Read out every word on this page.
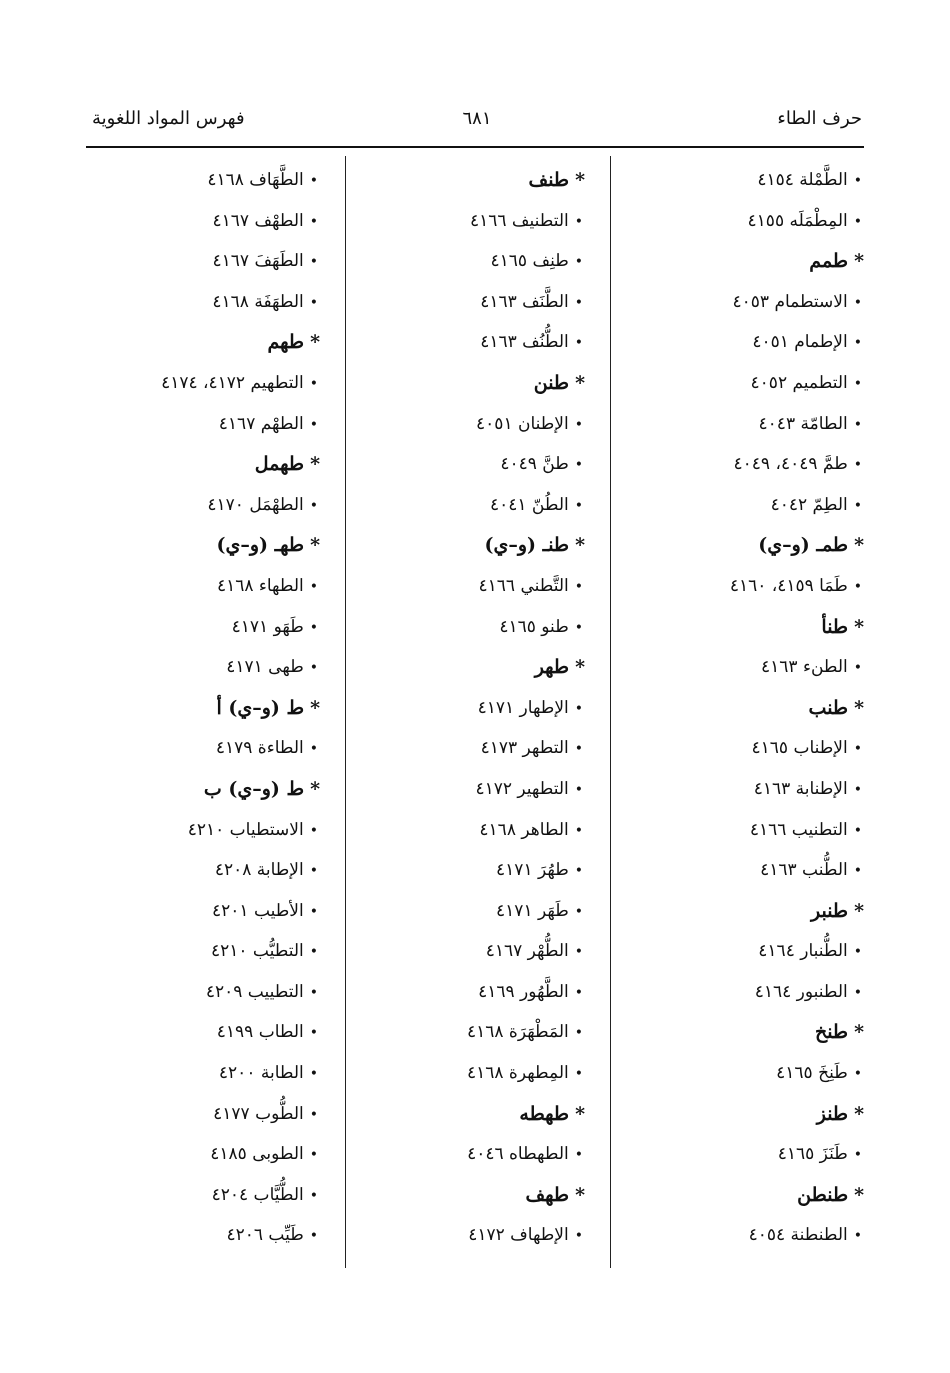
حرف الطاء
٦٨١
فهرس المواد اللغوية
•الطَّمْلة ٤١٥٤
•المِطْمَلَه ٤١٥٥
*طمم
•الاستطمام ٤٠٥٣
•الإطمام ٤٠٥١
•التطميم ٤٠٥٢
•الطامّة ٤٠٤٣
•طمَّ ٤٠٤٩، ٤٠٤٩
•الطِمّ ٤٠٤٢
*طمـ (و–ي)
•طَمَا ٤١٥٩، ٤١٦٠
*طنأ
•الطنء ٤١٦٣
*طنب
•الإطناب ٤١٦٥
•الإطنابة ٤١٦٣
•التطنيب ٤١٦٦
•الطُّنب ٤١٦٣
*طنبر
•الطُّنبار ٤١٦٤
•الطنبور ٤١٦٤
*طنخ
•طَنِخَ ٤١٦٥
*طنز
•طَنَزَ ٤١٦٥
*طنطن
•الطنطنة ٤٠٥٤
*طنف
•التطنيف ٤١٦٦
•طنِف ٤١٦٥
•الطَّنَف ٤١٦٣
•الطُّنُف ٤١٦٣
*طنن
•الإطنان ٤٠٥١
•طنَّ ٤٠٤٩
•الطُنّ ٤٠٤١
*طنـ (و–ي)
•التَّطني ٤١٦٦
•طنو ٤١٦٥
*طهر
•الإطهار ٤١٧١
•التطهر ٤١٧٣
•التطهير ٤١٧٢
•الطاهر ٤١٦٨
•طهُرَ ٤١٧١
•طَهَر ٤١٧١
•الطُّهْر ٤١٦٧
•الطَّهُور ٤١٦٩
•المَطْهَرَة ٤١٦٨
•المِطهرة ٤١٦٨
*طهطه
•الطهطاه ٤٠٤٦
*طهف
•الإطهاف ٤١٧٢
•الطَّهَاف ٤١٦٨
•الطهْف ٤١٦٧
•الطَهَفَ ٤١٦٧
•الطهَفَة ٤١٦٨
*طهم
•التطهيم ٤١٧٢، ٤١٧٤
•الطهْم ٤١٦٧
*طهمل
•الطهْمَل ٤١٧٠
*طهـ (و–ي)
•الطهاء ٤١٦٨
•طَهَو ٤١٧١
•طهى ٤١٧١
*ط (و–ي) أ
•الطاءة ٤١٧٩
*ط (و–ي) ب
•الاستطياب ٤٢١٠
•الإطابة ٤٢٠٨
•الأطيب ٤٢٠١
•التطيُّب ٤٢١٠
•التطييب ٤٢٠٩
•الطاب ٤١٩٩
•الطابة ٤٢٠٠
•الطُّوب ٤١٧٧
•الطوبى ٤١٨٥
•الطُّيَّاب ٤٢٠٤
•طَيِّب ٤٢٠٦
